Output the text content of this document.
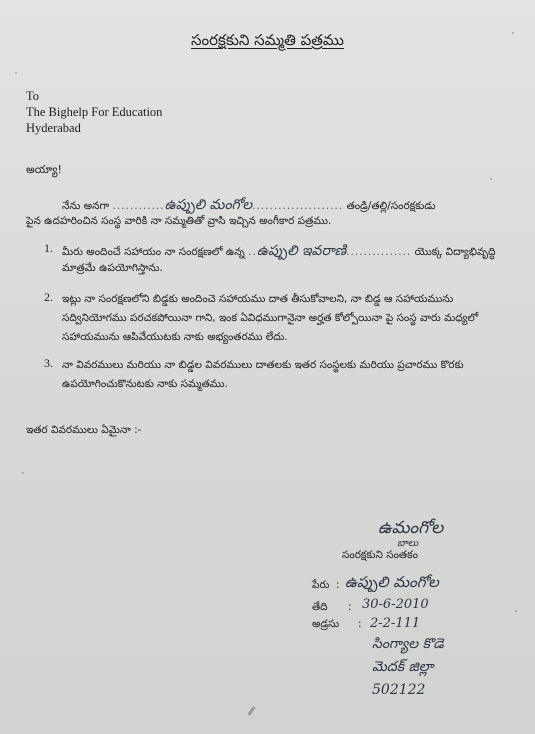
సంరక్షకుని సమ్మతి పత్రము
To
The Bighelp For Education
Hyderabad
అయ్యా!
నేను అనగా ............ఉప్పులి మంగోల..................... తండ్రి/తల్లి/సంరక్షకుడు
పైన ఉదహరించిన సంస్థ వారికి నా సమ్మతితో వ్రాసి ఇచ్చిన అంగీకార పత్రము.
1. మీరు అందించే సహాయం నా సంరక్షణలో ఉన్న ..ఉప్పులి ఇవరాణి............... యొక్క విద్యాభివృద్ధి
మాత్రమే ఉపయోగిస్తాను.
2. ఇట్లు నా సంరక్షణలోని బిడ్డకు అందించె సహాయము దాత తీసుకోవాలని, నా బిడ్డ ఆ సహాయమును
సద్వినియోగము పరచకపోయినా గాని, ఇంక ఏవిధముగానైనా అర్హత కోల్పోయినా పై సంస్థ వారు మధ్యలో
సహాయమును ఆపివేయుటకు నాకు అభ్యంతరము లేదు.
3. నా వివరములు మరియు నా బిడ్డల వివరములు దాతలకు ఇతర సంస్థలకు మరియు ప్రచారము కొరకు
ఉపయోగించుకొనుటకు నాకు సమ్మతము.
ఇతర వివరములు ఏమైనా :-
ఉమంగోల
బాలు
సంరక్షకుని సంతకం
పేరు : ఉప్పులి మంగోల
తేది : 30-6-2010
అడ్రసు : 2-2-111
సింగ్యాల కొడె
మెదక్ జిల్లా
502122
